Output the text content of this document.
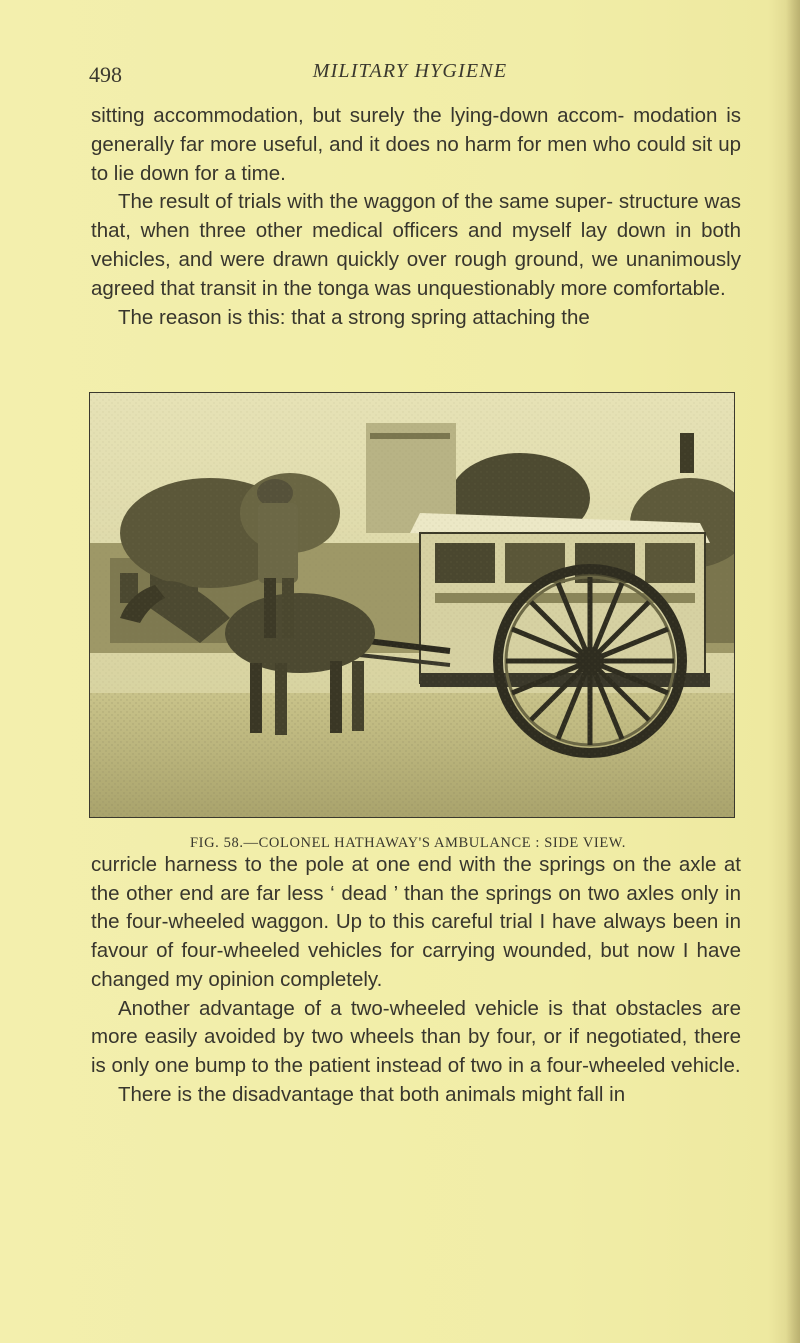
498	MILITARY HYGIENE

sitting accommodation, but surely the lying-down accom- modation is generally far more useful, and it does no harm for men who could sit up to lie down for a time.

The result of trials with the waggon of the same super- structure was that, when three other medical officers and myself lay down in both vehicles, and were drawn quickly over rough ground, we unanimously agreed that transit in the tonga was unquestionably more comfortable.

The reason is this: that a strong spring attaching the

FIG. 58.—COLONEL HATHAWAY'S AMBULANCE : SIDE VIEW.

curricle harness to the pole at one end with the springs on the axle at the other end are far less ‘ dead ’ than the springs on two axles only in the four-wheeled waggon. Up to this careful trial I have always been in favour of four-wheeled vehicles for carrying wounded, but now I have changed my opinion completely.

Another advantage of a two-wheeled vehicle is that obstacles are more easily avoided by two wheels than by four, or if negotiated, there is only one bump to the patient instead of two in a four-wheeled vehicle.

There is the disadvantage that both animals might fall in
